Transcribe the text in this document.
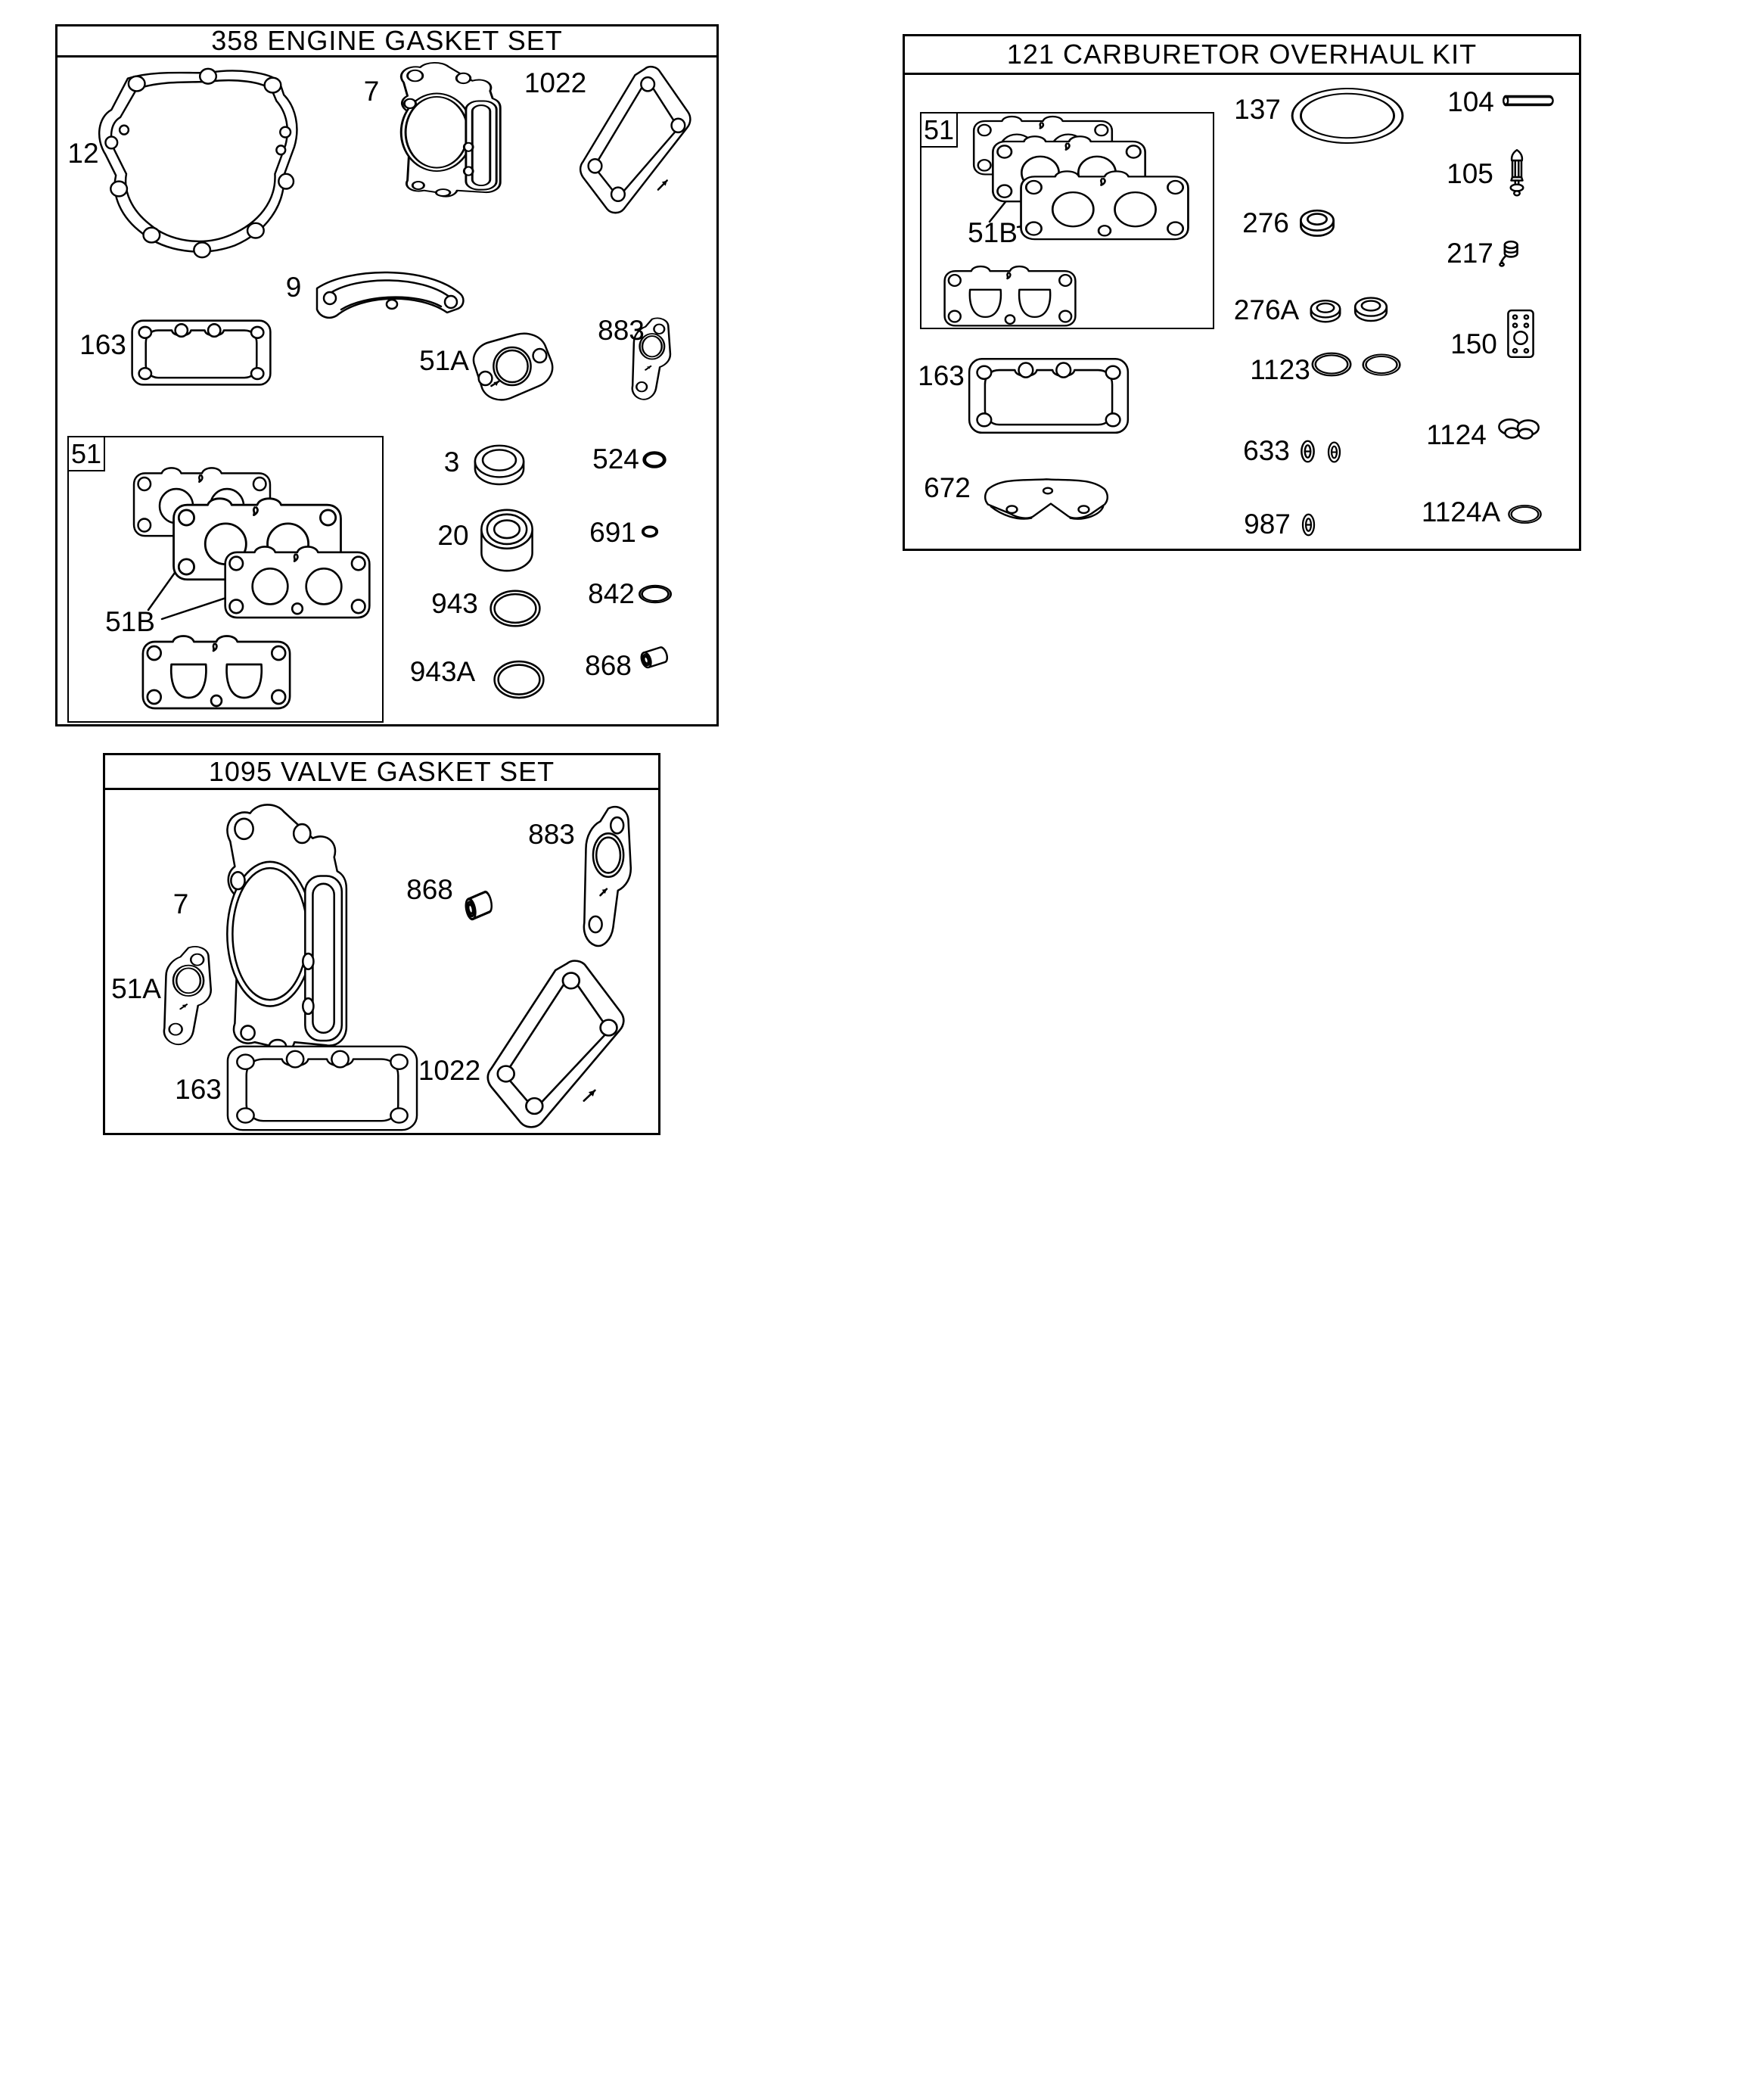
358 ENGINE GASKET SET
51
121 CARBURETOR OVERHAUL KIT
51
1095 VALVE GASKET SET
12
7	1022
9
163
51A
883
51B
3
20
943
943A
524
691
842
868
51B
163
672
137
276
276A
1123
633
987
104
105
217
150
1124
1124A
7
883
868
51A
163
1022
